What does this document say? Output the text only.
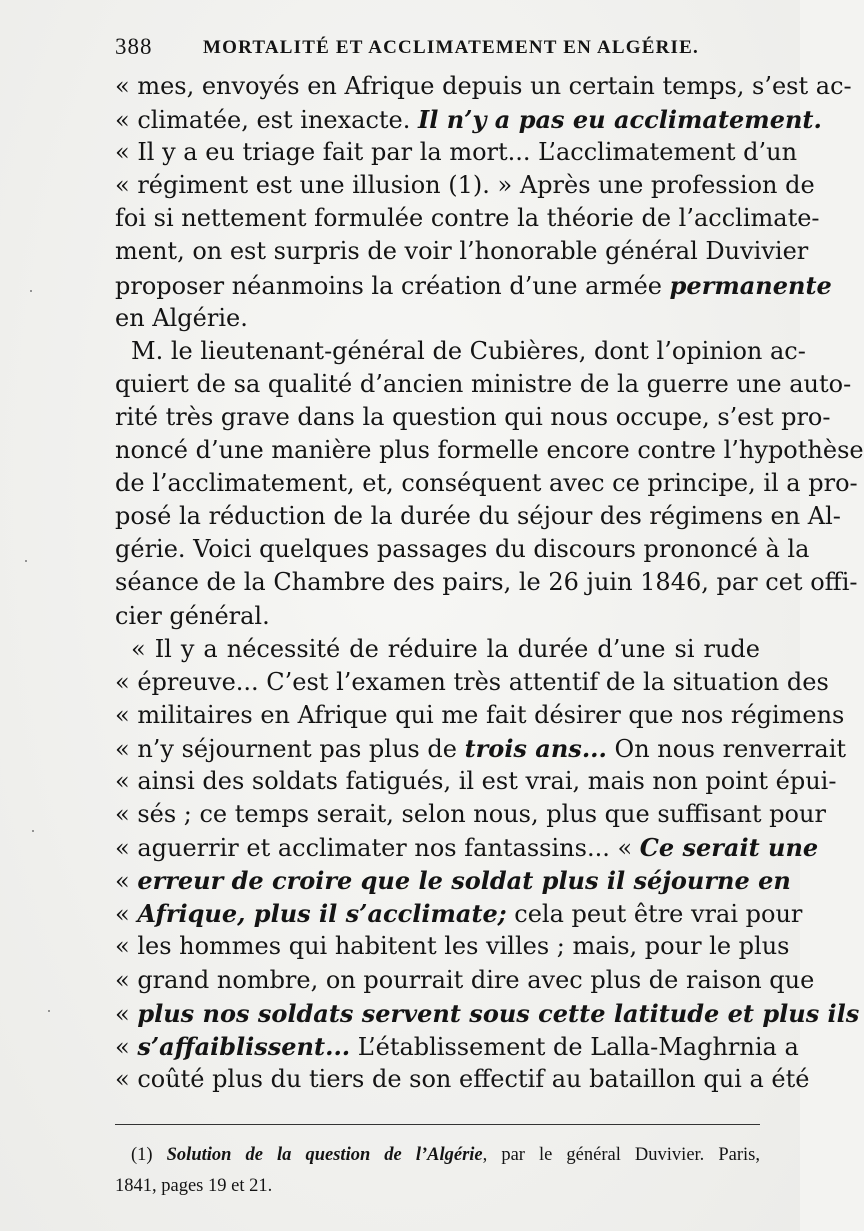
388	MORTALITÉ ET ACCLIMATEMENT EN ALGÉRIE.
« mes, envoyés en Afrique depuis un certain temps, s’est ac-
« climatée, est inexacte. Il n’y a pas eu acclimatement.
« Il y a eu triage fait par la mort... L’acclimatement d’un
« régiment est une illusion (1). » Après une profession de
foi si nettement formulée contre la théorie de l’acclimate-
ment, on est surpris de voir l’honorable général Duvivier
proposer néanmoins la création d’une armée permanente
en Algérie.
M. le lieutenant-général de Cubières, dont l’opinion ac-
quiert de sa qualité d’ancien ministre de la guerre une auto-
rité très grave dans la question qui nous occupe, s’est pro-
noncé d’une manière plus formelle encore contre l’hypothèse
de l’acclimatement, et, conséquent avec ce principe, il a pro-
posé la réduction de la durée du séjour des régimens en Al-
gérie. Voici quelques passages du discours prononcé à la
séance de la Chambre des pairs, le 26 juin 1846, par cet offi-
cier général.
« Il y a nécessité de réduire la durée d’une si rude
« épreuve... C’est l’examen très attentif de la situation des
« militaires en Afrique qui me fait désirer que nos régimens
« n’y séjournent pas plus de trois ans... On nous renverrait
« ainsi des soldats fatigués, il est vrai, mais non point épui-
« sés ; ce temps serait, selon nous, plus que suffisant pour
« aguerrir et acclimater nos fantassins... « Ce serait une
« erreur de croire que le soldat plus il séjourne en
« Afrique, plus il s’acclimate; cela peut être vrai pour
« les hommes qui habitent les villes ; mais, pour le plus
« grand nombre, on pourrait dire avec plus de raison que
« plus nos soldats servent sous cette latitude et plus ils
« s’affaiblissent... L’établissement de Lalla-Maghrnia a
« coûté plus du tiers de son effectif au bataillon qui a été
(1) Solution de la question de l’Algérie, par le général Duvivier. Paris,
1841, pages 19 et 21.
